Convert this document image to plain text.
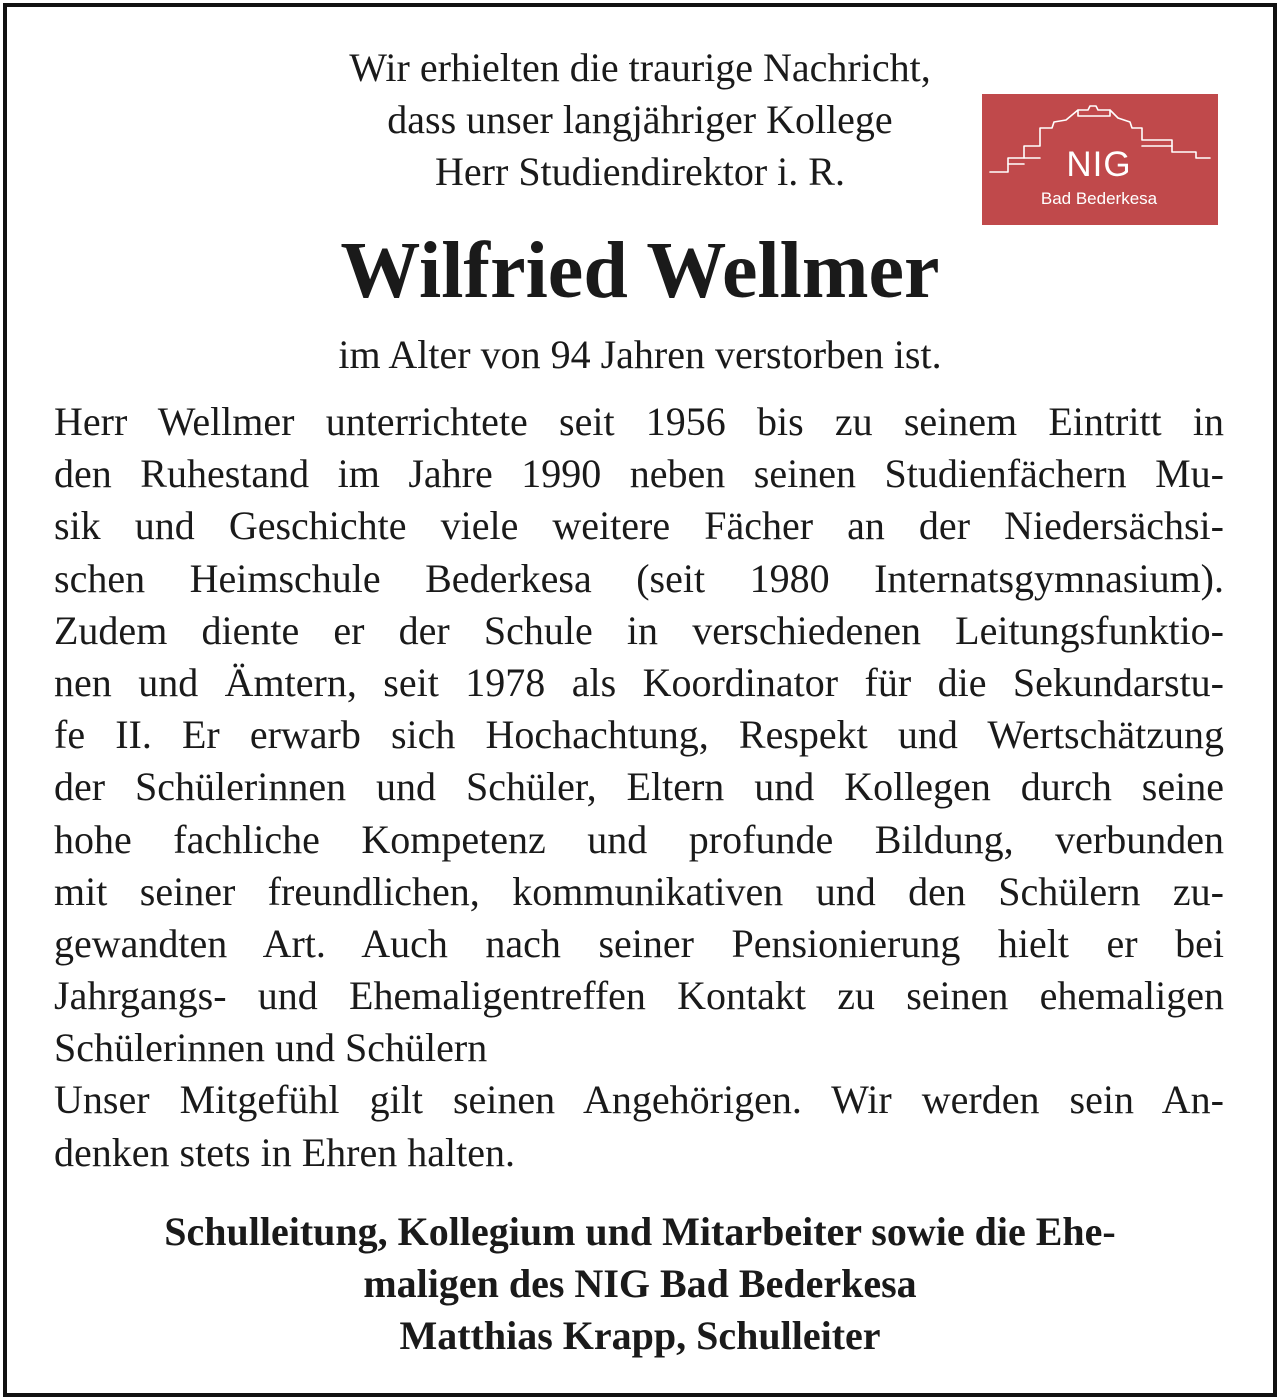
Wir erhielten die traurige Nachricht,
dass unser langjähriger Kollege
Herr Studiendirektor i. R.	NIG
Bad Bederkesa
Wilfried Wellmer
im Alter von 94 Jahren verstorben ist.
Herr Wellmer unterrichtete seit 1956 bis zu seinem Eintritt in
den Ruhestand im Jahre 1990 neben seinen Studienfächern Mu-
sik und Geschichte viele weitere Fächer an der Niedersächsi-
schen Heimschule Bederkesa (seit 1980 Internatsgymnasium).
Zudem diente er der Schule in verschiedenen Leitungsfunktio-
nen und Ämtern, seit 1978 als Koordinator für die Sekundarstu-
fe II. Er erwarb sich Hochachtung, Respekt und Wertschätzung
der Schülerinnen und Schüler, Eltern und Kollegen durch seine
hohe fachliche Kompetenz und profunde Bildung, verbunden
mit seiner freundlichen, kommunikativen und den Schülern zu-
gewandten Art. Auch nach seiner Pensionierung hielt er bei
Jahrgangs- und Ehemaligentreffen Kontakt zu seinen ehemaligen
Schülerinnen und Schülern
Unser Mitgefühl gilt seinen Angehörigen. Wir werden sein An-
denken stets in Ehren halten.
Schulleitung, Kollegium und Mitarbeiter sowie die Ehe-
maligen des NIG Bad Bederkesa
Matthias Krapp, Schulleiter
